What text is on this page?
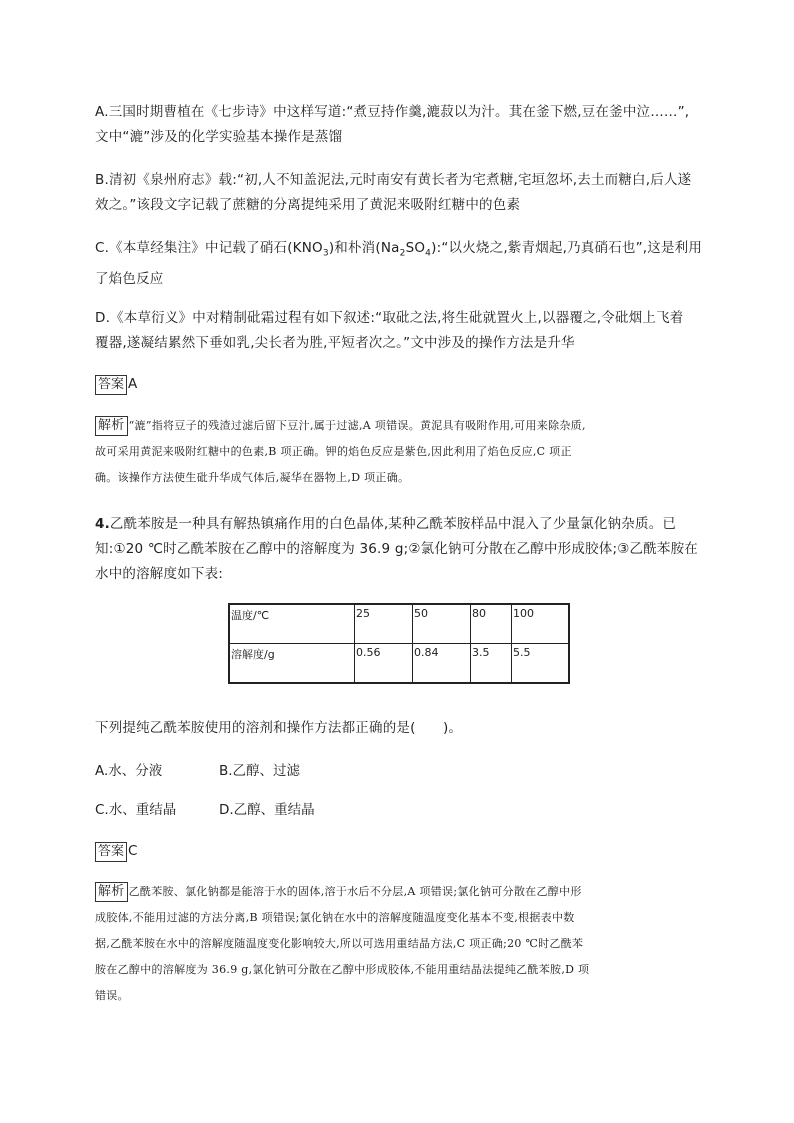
A.三国时期曹植在《七步诗》中这样写道:“煮豆持作羹,漉菽以为汁。萁在釜下燃,豆在釜中泣……”,
文中“漉”涉及的化学实验基本操作是蒸馏

B.清初《泉州府志》载:“初,人不知盖泥法,元时南安有黄长者为宅煮糖,宅垣忽坏,去土而糖白,后人遂
效之。”该段文字记载了蔗糖的分离提纯采用了黄泥来吸附红糖中的色素

C.《本草经集注》中记载了硝石$(KNO_3)$和朴消$(Na_2SO_4):“$以火烧之,紫青烟起,乃真硝石也”,这是利用
了焰色反应

D.《本草衍义》中对精制砒霜过程有如下叙述:“取砒之法,将生砒就置火上,以器覆之,令砒烟上飞着
覆器,遂凝结累然下垂如乳,尖长者为胜,平短者次之。”文中涉及的操作方法是升华

答案 A
解析 “漉”指将豆子的残渣过滤后留下豆汁,属于过滤,A 项错误。黄泥具有吸附作用,可用来除杂质,
故可采用黄泥来吸附红糖中的色素,B 项正确。钾的焰色反应是紫色,因此利用了焰色反应,C 项正
确。该操作方法使生砒升华成气体后,凝华在器物上,D 项正确。

4.乙酰苯胺是一种具有解热镇痛作用的白色晶体,某种乙酰苯胺样品中混入了少量氯化钠杂质。已
知:①20 ℃时乙酰苯胺在乙醇中的溶解度为 36.9 g;②氯化钠可分散在乙醇中形成胶体;③乙酰苯胺在
水中的溶解度如下表:

温度/℃	25	50	80	100
溶解度/g	0.56	0.84	3.5	5.5

下列提纯乙酰苯胺使用的溶剂和操作方法都正确的是(　　)。

A.水、分液	B.乙醇、过滤
C.水、重结晶	D.乙醇、重结晶
答案 C
解析 乙酰苯胺、氯化钠都是能溶于水的固体,溶于水后不分层,A 项错误;氯化钠可分散在乙醇中形
成胶体,不能用过滤的方法分离,B 项错误;氯化钠在水中的溶解度随温度变化基本不变,根据表中数
据,乙酰苯胺在水中的溶解度随温度变化影响较大,所以可选用重结晶方法,C 项正确;20 ℃时乙酰苯
胺在乙醇中的溶解度为 36.9 g,氯化钠可分散在乙醇中形成胶体,不能用重结晶法提纯乙酰苯胺,D 项
错误。
